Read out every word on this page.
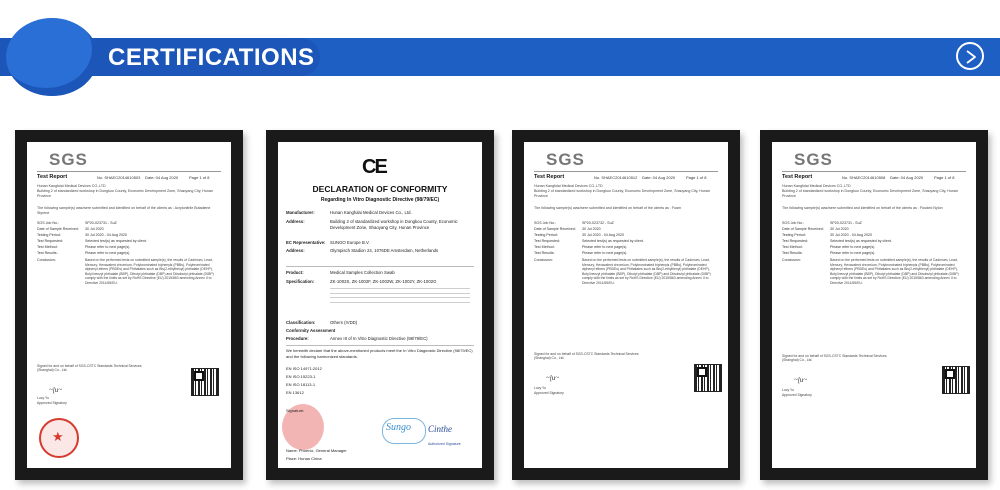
CERTIFICATIONS
SGS
Test Report	No. SHAEC2014610503 Date: 04 Aug 2020	Page 1 of 8
Hunan Kangfulai Medical Devices CO.,LTD
Building 2 of standardized workshop in Dongkou County, Economic Development Zone, Shaoyang City, Hunan Province
The following sample(s) was/were submitted and identified on behalf of the clients as : Acrylonitrile Butadiene Styrene
SGS Job No.:	SP20-023731 - SuZ
Date of Sample Received: 30 Jul 2020
Testing Period:	30 Jul 2020 - 04 Aug 2020
Test Requested:	Selected test(s) as requested by client.
Test Method:	Please refer to next page(s).
Test Results:	Please refer to next page(s).
Conclusion:	Based on the performed tests on submitted sample(s), the results of Cadmium, Lead, Mercury, Hexavalent chromium, Polybrominated biphenyls (PBBs), Polybrominated diphenyl ethers (PBDEs) and Phthalates such as Bis(2-ethylhexyl) phthalate (DEHP), Butyl benzyl phthalate (BBP), Dibutyl phthalate (DBP) and Diisobutyl phthalate (DIBP) comply with the limits as set by RoHS Directive (EU) 2015/863 amending Annex II to Directive 2011/65/EU.
Signed for and on behalf of SGS-CSTC Standards Technical Services (Shanghai) Co., Ltd.
~ɭu~
Lucy Yu
Approved Signatory
★
CE
DECLARATION OF CONFORMITY
Regarding In Vitro Diagnostic Directive (98/79/EC)
Manufacturer:	Hunan Kangfulai Medical Devices Co., Ltd.
Address:	Building 2 of standardized workshop in Dongkou County, Economic Development Zone, Shaoyang City, Hunan Province
EC Representative: SUNGO Europe B.V.
Address:	Olympisch Stadion 24, 1076DE Amsterdam, Netherlands
Product:	Medical Samples Collection Swab
Specification:	ZK-1002S, ZK-1002F, ZK-1002W, ZK-1002Y, ZK-1002G
Classification:	Others (IVDD)
Conformity Assessment
Procedure:	Annex III of In Vitro Diagnostic Directive (98/79/EC)
We herewith declare that the above-mentioned products meet the In Vitro Diagnostic Directive (98/79/EC) and the following harmonized standards.
EN ISO 14971:2012
EN ISO 15223-1
EN ISO 18113-1
EN 13612
Signature:
Sungo Cinthe
Authorized Signature
Name: Phoenix, General Manager
Place: Hunan China
SGS
Test Report	No. SHAEC2014610512 Date: 04 Aug 2020	Page 1 of 8
Hunan Kangfulai Medical Devices CO.,LTD
Building 2 of standardized workshop in Dongkou County, Economic Development Zone, Shaoyang City, Hunan Province
The following sample(s) was/were submitted and identified on behalf of the clients as : Foam
SGS Job No.:	SP20-023732 - SuZ
Date of Sample Received: 30 Jul 2020
Testing Period:	30 Jul 2020 - 04 Aug 2020
Test Requested:	Selected test(s) as requested by client.
Test Method:	Please refer to next page(s).
Test Results:	Please refer to next page(s).
Conclusion:	Based on the performed tests on submitted sample(s), the results of Cadmium, Lead, Mercury, Hexavalent chromium, Polybrominated biphenyls (PBBs), Polybrominated diphenyl ethers (PBDEs) and Phthalates such as Bis(2-ethylhexyl) phthalate (DEHP), Butyl benzyl phthalate (BBP), Dibutyl phthalate (DBP) and Diisobutyl phthalate (DIBP) comply with the limits as set by RoHS Directive (EU) 2015/863 amending Annex II to Directive 2011/65/EU.
Signed for and on behalf of SGS-CSTC Standards Technical Services (Shanghai) Co., Ltd.
~ɭu~
Lucy Yu
Approved Signatory
SGS
Test Report	No. SHAEC2014610508 Date: 04 Aug 2020	Page 1 of 8
Hunan Kangfulai Medical Devices CO.,LTD
Building 2 of standardized workshop in Dongkou County, Economic Development Zone, Shaoyang City, Hunan Province
The following sample(s) was/were submitted and identified on behalf of the clients as : Flocked Nylon
SGS Job No.:	SP20-023731 - SuZ
Date of Sample Received: 30 Jul 2020
Testing Period:	30 Jul 2020 - 04 Aug 2020
Test Requested:	Selected test(s) as requested by client.
Test Method:	Please refer to next page(s).
Test Results:	Please refer to next page(s).
Conclusion:	Based on the performed tests on submitted sample(s), the results of Cadmium, Lead, Mercury, Hexavalent chromium, Polybrominated biphenyls (PBBs), Polybrominated diphenyl ethers (PBDEs) and Phthalates such as Bis(2-ethylhexyl) phthalate (DEHP), Butyl benzyl phthalate (BBP), Dibutyl phthalate (DBP) and Diisobutyl phthalate (DIBP) comply with the limits as set by RoHS Directive (EU) 2015/863 amending Annex II to Directive 2011/65/EU.
Signed for and on behalf of SGS-CSTC Standards Technical Services (Shanghai) Co., Ltd.
~ɭu~
Lucy Yu
Approved Signatory
